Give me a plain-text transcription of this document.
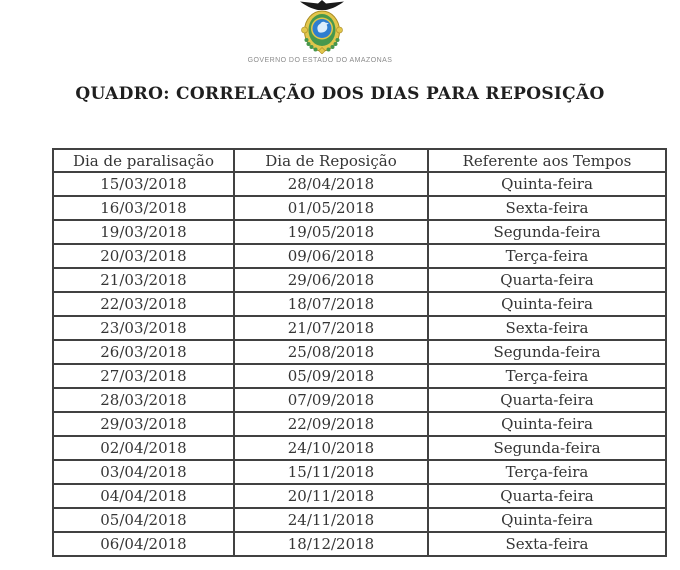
GOVERNO DO ESTADO DO AMAZONAS
QUADRO: CORRELAÇÃO DOS DIAS PARA REPOSIÇÃO
Dia de paralisação	Dia de Reposição	Referente aos Tempos
15/03/2018	28/04/2018	Quinta-feira
16/03/2018	01/05/2018	Sexta-feira
19/03/2018	19/05/2018	Segunda-feira
20/03/2018	09/06/2018	Terça-feira
21/03/2018	29/06/2018	Quarta-feira
22/03/2018	18/07/2018	Quinta-feira
23/03/2018	21/07/2018	Sexta-feira
26/03/2018	25/08/2018	Segunda-feira
27/03/2018	05/09/2018	Terça-feira
28/03/2018	07/09/2018	Quarta-feira
29/03/2018	22/09/2018	Quinta-feira
02/04/2018	24/10/2018	Segunda-feira
03/04/2018	15/11/2018	Terça-feira
04/04/2018	20/11/2018	Quarta-feira
05/04/2018	24/11/2018	Quinta-feira
06/04/2018	18/12/2018	Sexta-feira
